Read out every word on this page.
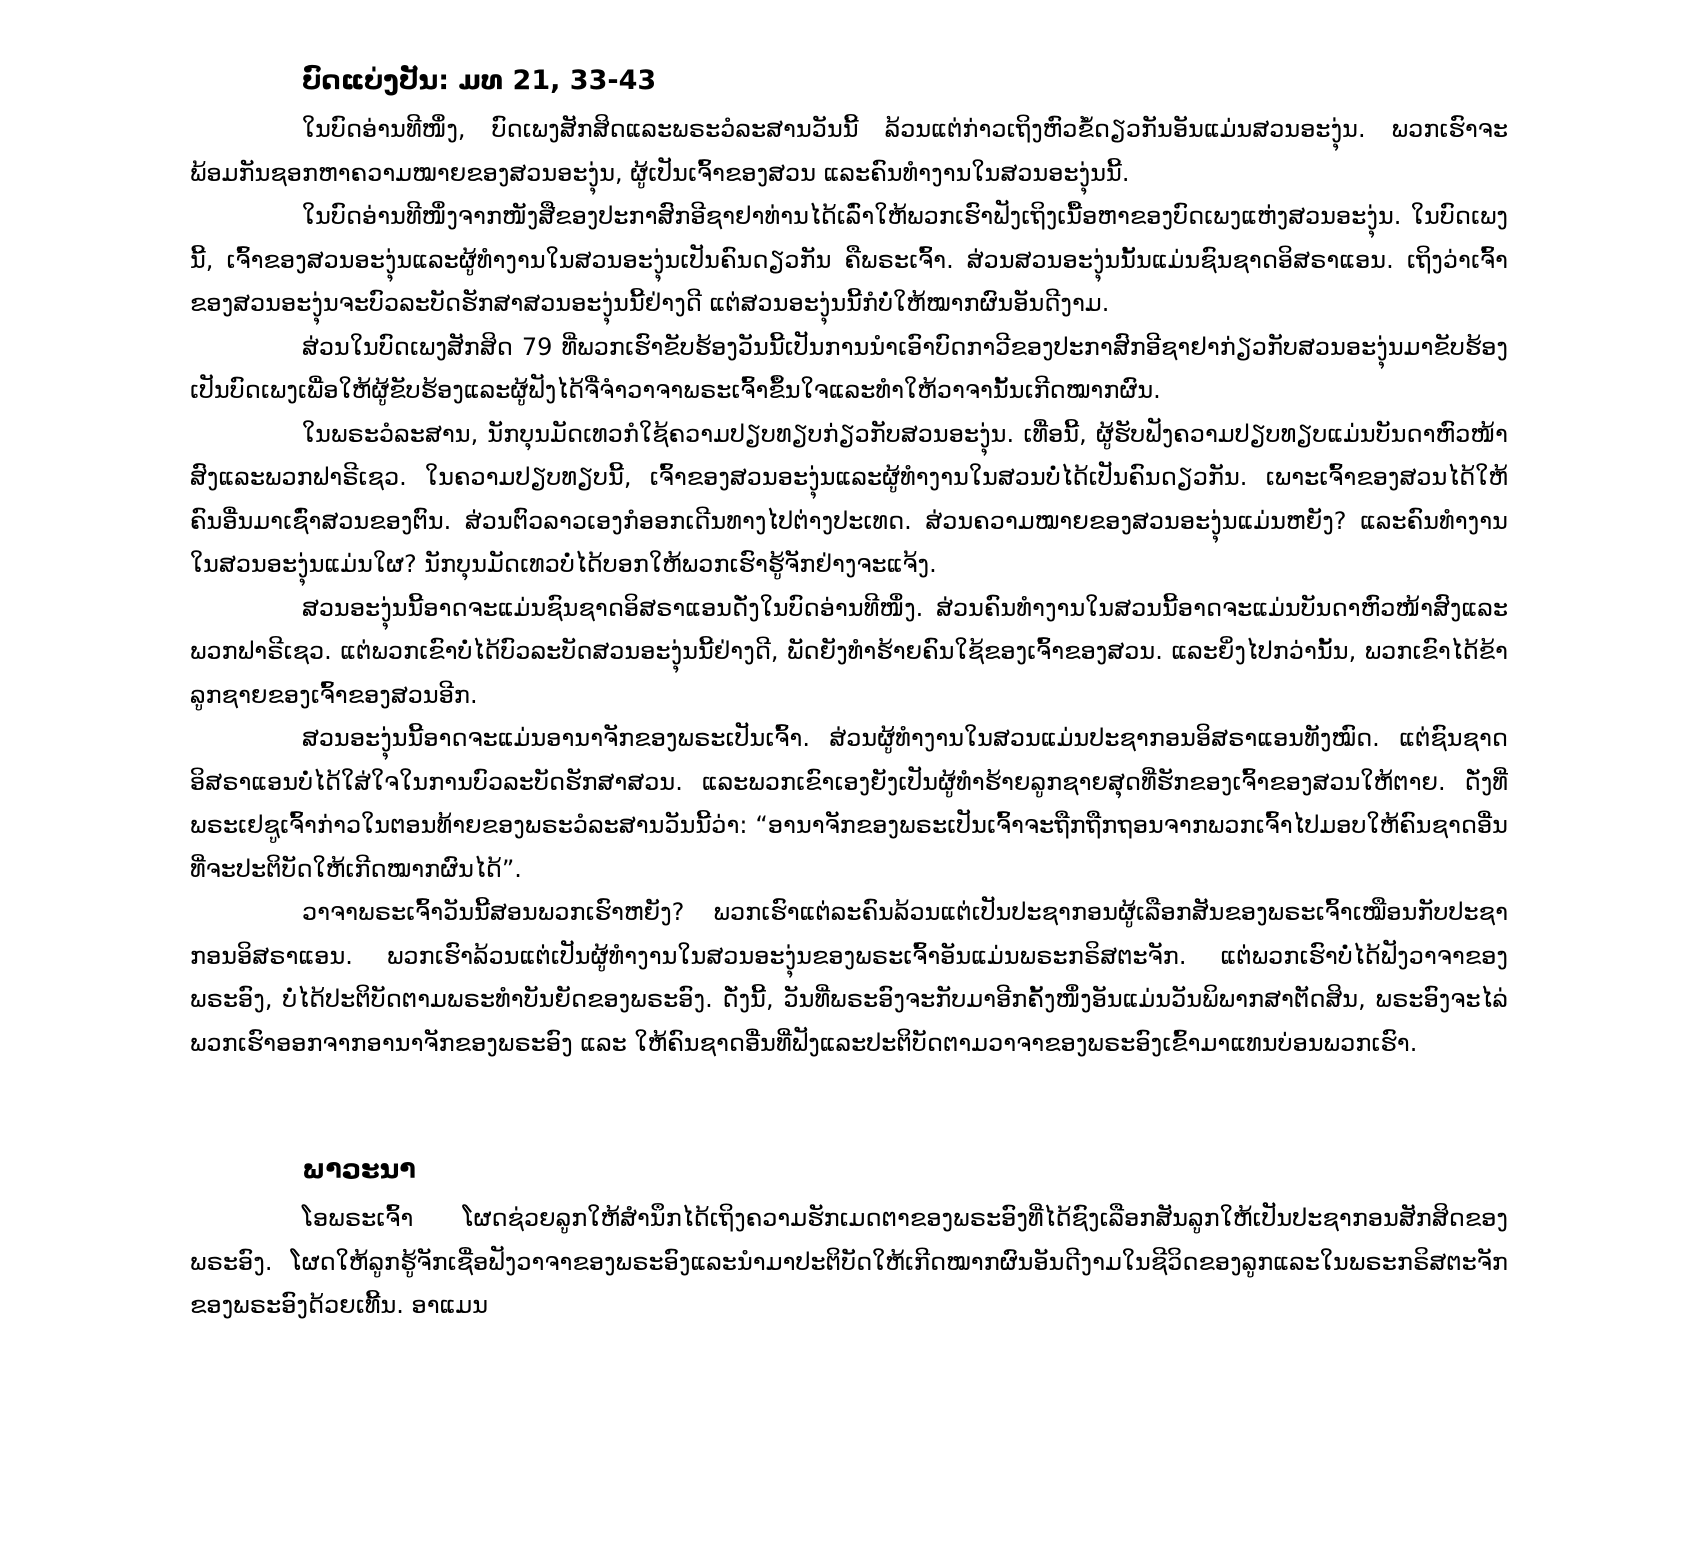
ບົດແບ່ງປັນ: ມທ 21, 33-43

ໃນບົດອ່ານທີໜຶ່ງ, ບົດເພງສັກສິດແລະພຣະວໍລະສານວັນນີ້ ລ້ວນແຕ່ກ່າວເຖິງຫົວຂໍ້ດຽວກັນອັນແມ່ນສວນອະງຸ່ນ. ພວກເຮົາຈະພ້ອມກັນຊອກຫາຄວາມໝາຍຂອງສວນອະງຸ່ນ, ຜູ້ເປັນເຈົ້າຂອງສວນ ແລະຄົນທໍາງານໃນສວນອະງຸ່ນນີ້.

ໃນບົດອ່ານທີໜຶ່ງຈາກໜັງສືຂອງປະກາສົກອີຊາຢາທ່ານໄດ້ເລົ່າໃຫ້ພວກເຮົາຟັງເຖິງເນື້ອຫາຂອງບົດເພງແຫ່ງສວນອະງຸ່ນ. ໃນບົດເພງນີ້, ເຈົ້າຂອງສວນອະງຸ່ນແລະຜູ້ທໍາງານໃນສວນອະງຸ່ນເປັນຄົນດຽວກັນ ຄືພຣະເຈົ້າ. ສ່ວນສວນອະງຸ່ນນັ້ນແມ່ນຊົນຊາດອິສຣາແອນ. ເຖິງວ່າເຈົ້າຂອງສວນອະງຸ່ນຈະບົວລະບັດຮັກສາສວນອະງຸ່ນນີ້ຢ່າງດີ ແຕ່ສວນອະງຸ່ນນີ້ກໍບໍ່ໃຫ້ໝາກຜົນອັນດີງາມ.

ສ່ວນໃນບົດເພງສັກສິດ 79 ທີ່ພວກເຮົາຂັບຮ້ອງວັນນີ້ເປັນການນໍາເອົາບົດກາວີຂອງປະກາສົກອີຊາຢາກ່ຽວກັບສວນອະງຸ່ນມາຂັບຮ້ອງເປັນບົດເພງເພື່ອໃຫ້ຜູ້ຂັບຮ້ອງແລະຜູ້ຟັງໄດ້ຈື່ຈໍາວາຈາພຣະເຈົ້າຂຶ້ນໃຈແລະທໍາໃຫ້ວາຈານັ້ນເກີດໝາກຜົນ.

ໃນພຣະວໍລະສານ, ນັກບຸນມັດເທວກໍໃຊ້ຄວາມປຽບທຽບກ່ຽວກັບສວນອະງຸ່ນ. ເທື່ອນີ້, ຜູ້ຮັບຟັງຄວາມປຽບທຽບແມ່ນບັນດາຫົວໜ້າສົງແລະພວກຟາຣີເຊວ. ໃນຄວາມປຽບທຽບນີ້, ເຈົ້າຂອງສວນອະງຸ່ນແລະຜູ້ທໍາງານໃນສວນບໍ່ໄດ້ເປັນຄົນດຽວກັນ. ເພາະເຈົ້າຂອງສວນໄດ້ໃຫ້ຄົນອື່ນມາເຊົ່າສວນຂອງຕົນ. ສ່ວນຕົວລາວເອງກໍອອກເດີນທາງໄປຕ່າງປະເທດ. ສ່ວນຄວາມໝາຍຂອງສວນອະງຸ່ນແມ່ນຫຍັງ? ແລະຄົນທໍາງານໃນສວນອະງຸ່ນແມ່ນໃຜ? ນັກບຸນມັດເທວບໍ່ໄດ້ບອກໃຫ້ພວກເຮົາຮູ້ຈັກຢ່າງຈະແຈ້ງ.

ສວນອະງຸ່ນນີ້ອາດຈະແມ່ນຊົນຊາດອິສຣາແອນດັ່ງໃນບົດອ່ານທີໜຶ່ງ. ສ່ວນຄົນທໍາງານໃນສວນນີ້ອາດຈະແມ່ນບັນດາຫົວໜ້າສົງແລະພວກຟາຣີເຊວ. ແຕ່ພວກເຂົາບໍ່ໄດ້ບົວລະບັດສວນອະງຸ່ນນີ້ຢ່າງດີ, ພັດຍັງທໍາຮ້າຍຄົນໃຊ້ຂອງເຈົ້າຂອງສວນ. ແລະຍິ່ງໄປກວ່ານັ້ນ, ພວກເຂົາໄດ້ຂ້າລູກຊາຍຂອງເຈົ້າຂອງສວນອີກ.

ສວນອະງຸ່ນນີ້ອາດຈະແມ່ນອານາຈັກຂອງພຣະເປັນເຈົ້າ. ສ່ວນຜູ້ທໍາງານໃນສວນແມ່ນປະຊາກອນອິສຣາແອນທັງໝົດ. ແຕ່ຊົນຊາດອິສຣາແອນບໍ່ໄດ້ໃສ່ໃຈໃນການບົວລະບັດຮັກສາສວນ. ແລະພວກເຂົາເອງຍັງເປັນຜູ້ທໍາຮ້າຍລູກຊາຍສຸດທີ່ຮັກຂອງເຈົ້າຂອງສວນໃຫ້ຕາຍ. ດັ່ງທີ່ພຣະເຢຊູເຈົ້າກ່າວໃນຕອນທ້າຍຂອງພຣະວໍລະສານວັນນີ້ວ່າ: “ອານາຈັກຂອງພຣະເປັນເຈົ້າຈະຖືກຖືກຖອນຈາກພວກເຈົ້າໄປມອບໃຫ້ຄົນຊາດອື່ນທີ່ຈະປະຕິບັດໃຫ້ເກີດໝາກຜົນໄດ້”.

ວາຈາພຣະເຈົ້າວັນນີ້ສອນພວກເຮົາຫຍັງ? ພວກເຮົາແຕ່ລະຄົນລ້ວນແຕ່ເປັນປະຊາກອນຜູ້ເລືອກສັນຂອງພຣະເຈົ້າເໝືອນກັບປະຊາກອນອິສຣາແອນ. ພວກເຮົາລ້ວນແຕ່ເປັນຜູ້ທໍາງານໃນສວນອະງຸ່ນຂອງພຣະເຈົ້າອັນແມ່ນພຣະກຣິສຕະຈັກ. ແຕ່ພວກເຮົາບໍ່ໄດ້ຟັງວາຈາຂອງພຣະອົງ, ບໍ່ໄດ້ປະຕິບັດຕາມພຣະທໍາບັນຍັດຂອງພຣະອົງ. ດັ່ງນີ້, ວັນທີ່ພຣະອົງຈະກັບມາອີກຄັ້ງໜຶ່ງອັນແມ່ນວັນພິພາກສາຕັດສິນ, ພຣະອົງຈະໄລ່ພວກເຮົາອອກຈາກອານາຈັກຂອງພຣະອົງ ແລະ ໃຫ້ຄົນຊາດອື່ນທີ່ຟັງແລະປະຕິບັດຕາມວາຈາຂອງພຣະອົງເຂົ້າມາແທນບ່ອນພວກເຮົາ.

ພາວະນາ

ໂອພຣະເຈົ້າ ໂຜດຊ່ວຍລູກໃຫ້ສໍານຶກໄດ້ເຖິງຄວາມຮັກເມດຕາຂອງພຣະອົງທີ່ໄດ້ຊົງເລືອກສັນລູກໃຫ້ເປັນປະຊາກອນສັກສິດຂອງພຣະອົງ. ໂຜດໃຫ້ລູກຮູ້ຈັກເຊື່ອຟັງວາຈາຂອງພຣະອົງແລະນໍາມາປະຕິບັດໃຫ້ເກີດໝາກຜົນອັນດີງາມໃນຊີວິດຂອງລູກແລະໃນພຣະກຣິສຕະຈັກຂອງພຣະອົງດ້ວຍເທີ້ນ. ອາແມນ
